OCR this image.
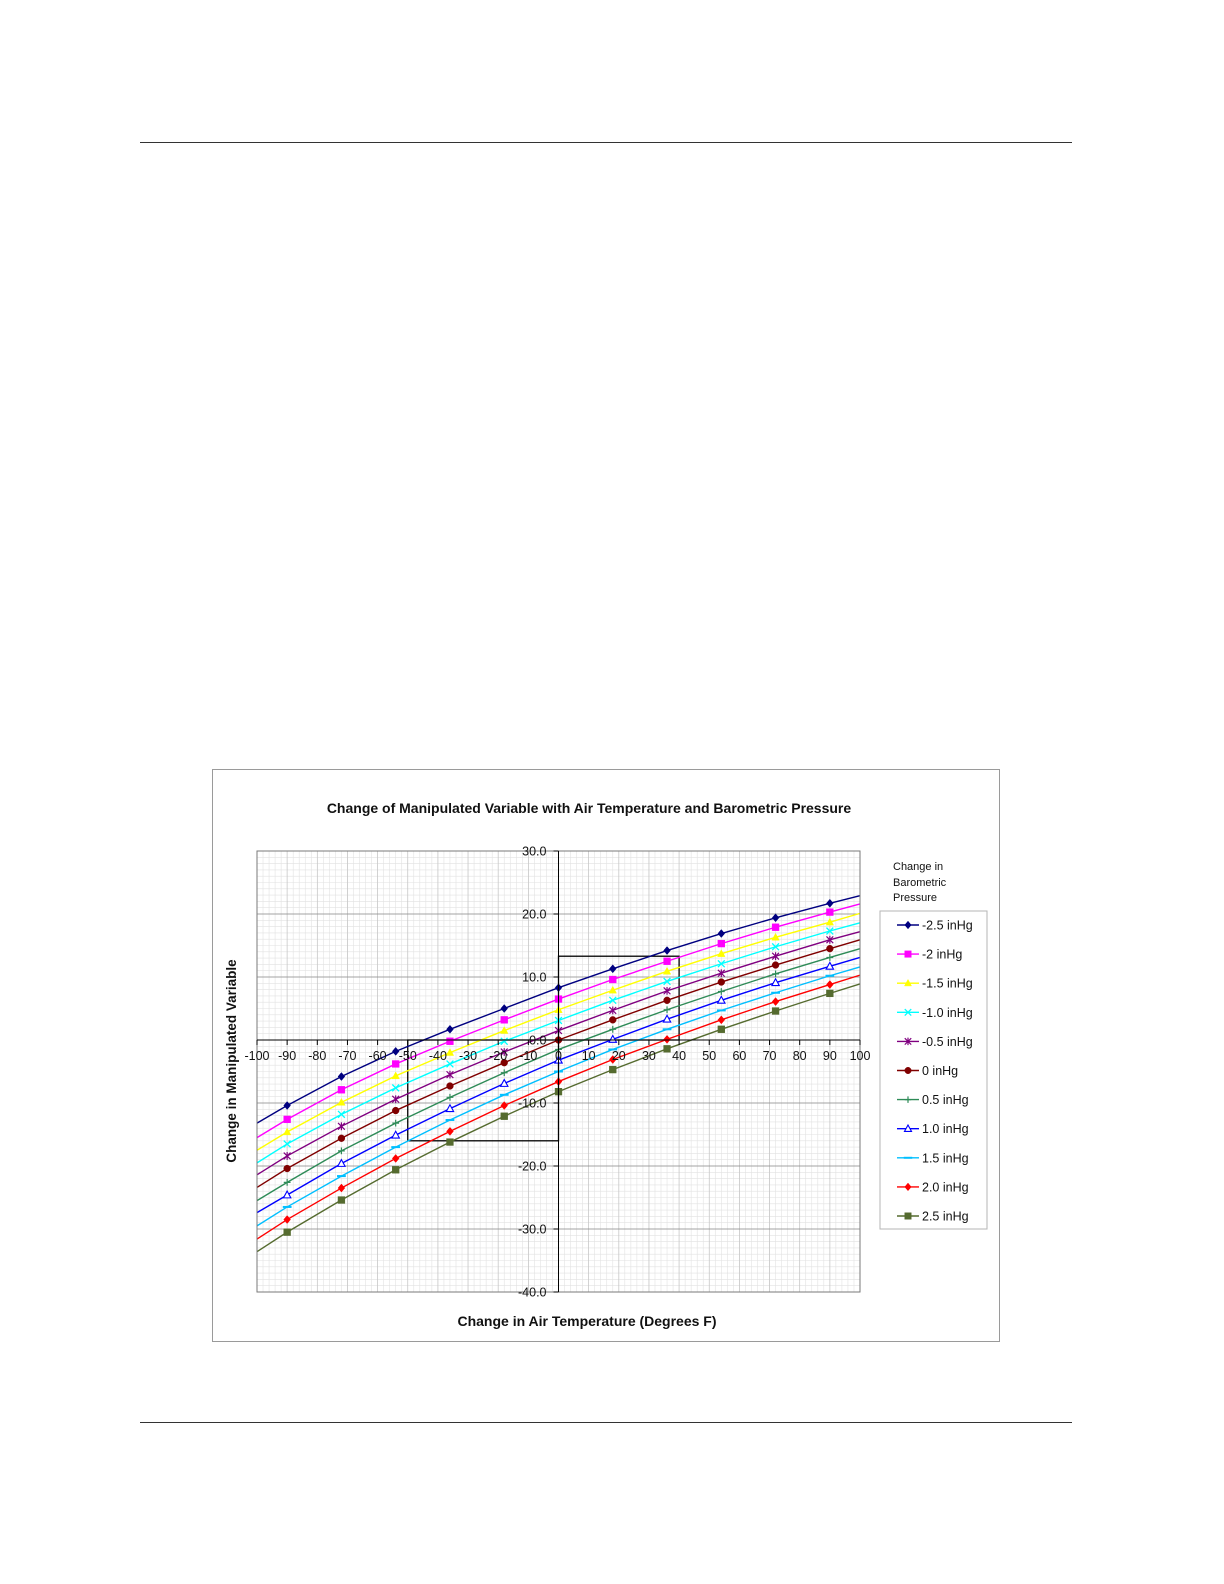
Change of Manipulated Variable with Air Temperature and Barometric Pressure
Change in Air Temperature (Degrees F)
Change in Manipulated Variable -100 -90 -80 -70 -60 -50 -40 -30 -20 -10 0 10 20 30 40 50 60 70 80 90 100
30.0
20.0
10.0
0.0
-10.0
-20.0
-30.0
-40.0
Change in
Barometric
Pressure
-2.5 inHg
-2 inHg
-1.5 inHg
-1.0 inHg
-0.5 inHg
0 inHg
0.5 inHg
1.0 inHg
1.5 inHg
2.0 inHg
2.5 inHg
